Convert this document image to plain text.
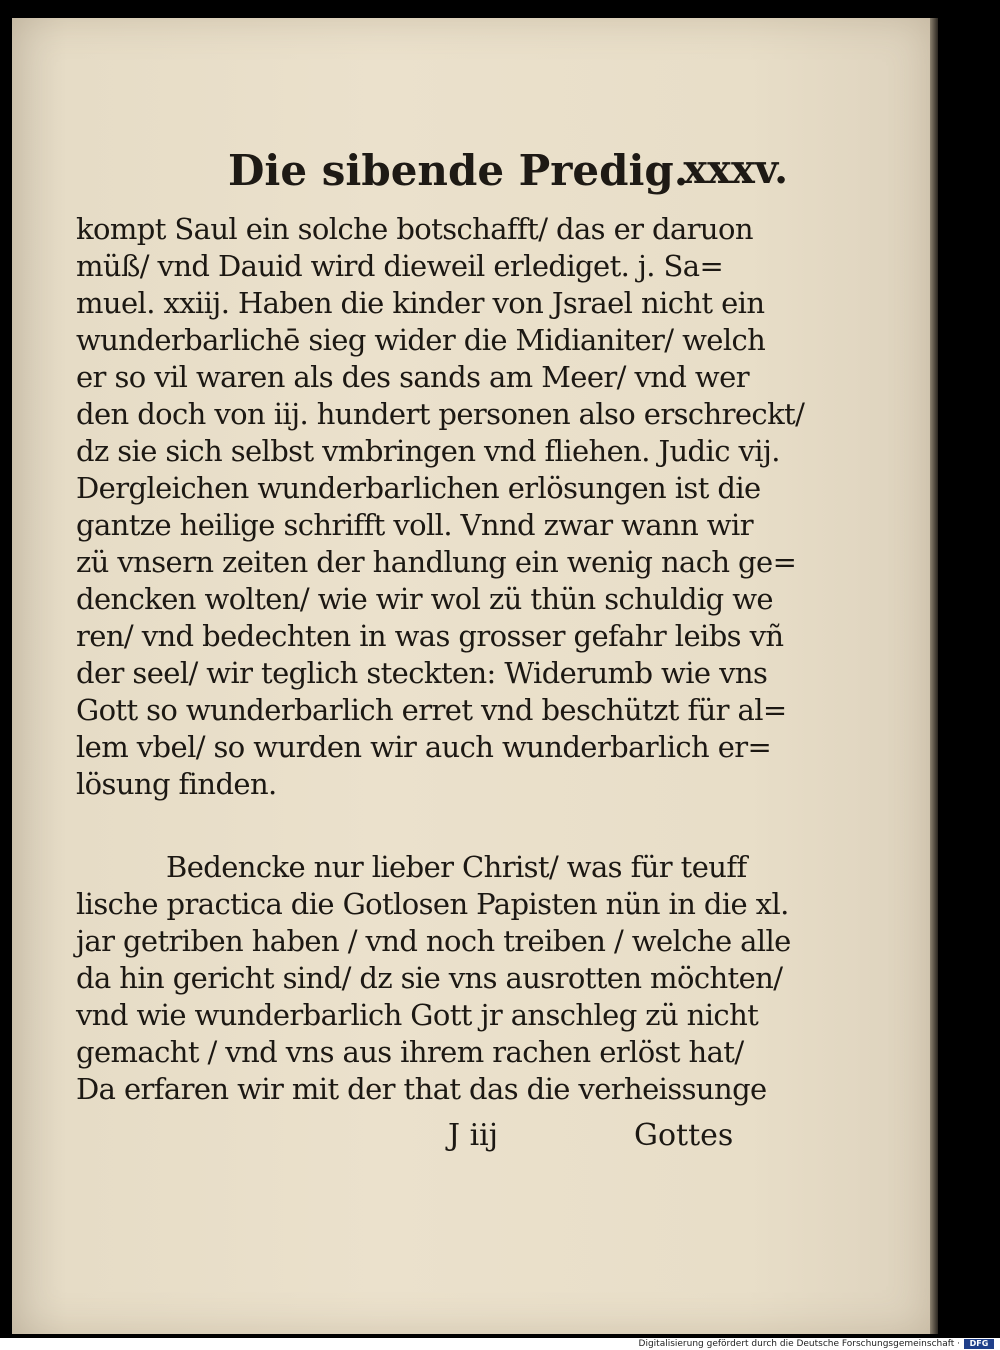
Die sibende Predig.
xxxv.
kompt Saul ein solche botschafft/ das er daruon
müß/ vnd Dauid wird dieweil erlediget. j. Sa=
muel. xxiij. Haben die kinder von Jsrael nicht ein
wunderbarlichē sieg wider die Midianiter/ welch
er so vil waren als des sands am Meer/ vnd wer
den doch von iij. hundert personen also erschreckt/
dz sie sich selbst vmbringen vnd fliehen. Judic vij.
Dergleichen wunderbarlichen erlösungen ist die
gantze heilige schrifft voll. Vnnd zwar wann wir
zü vnsern zeiten der handlung ein wenig nach ge=
dencken wolten/ wie wir wol zü thün schuldig we
ren/ vnd bedechten in was grosser gefahr leibs vñ
der seel/ wir teglich steckten: Widerumb wie vns
Gott so wunderbarlich erret vnd beschützt für al=
lem vbel/ so wurden wir auch wunderbarlich er=
lösung finden.
Bedencke nur lieber Christ/ was für teuff
lische practica die Gotlosen Papisten nün in die xl.
jar getriben haben / vnd noch treiben / welche alle
da hin gericht sind/ dz sie vns ausrotten möchten/
vnd wie wunderbarlich Gott jr anschleg zü nicht
gemacht / vnd vns aus ihrem rachen erlöst hat/
Da erfaren wir mit der that das die verheissunge
J iij	Gottes
Digitalisierung gefördert durch die Deutsche Forschungsgemeinschaft ·	DFG
